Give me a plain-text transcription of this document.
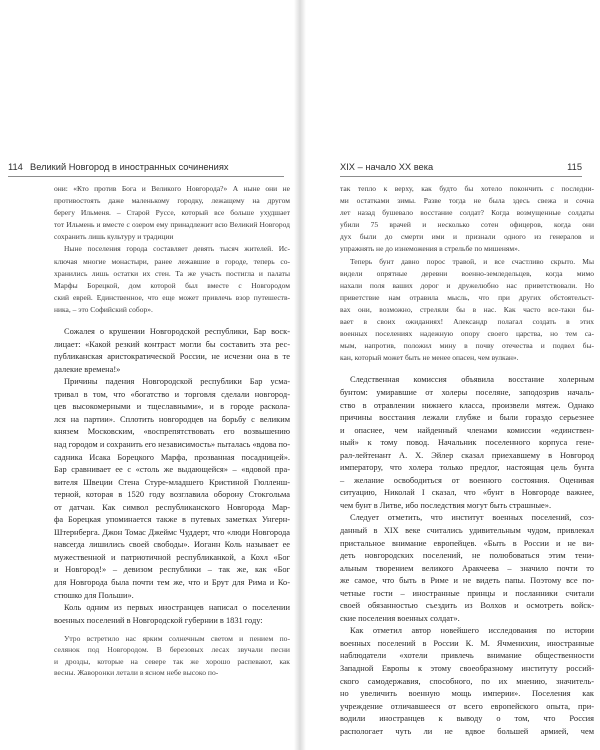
114 Великий Новгород в иностранных сочинениях

они: «Кто против Бога и Великого Новгорода?» А ныне они не

противостоять даже маленькому городку, лежащему на другом

берегу Ильменя. – Старой Руссе, который все больше ухудшает

тот Ильмень и вместе с озером ему принадлежит всю Великий Новгород

сохранить лишь культуру и традиции

Ныне поселения города составляет девять тысяч жителей. Ис-

ключая многие монастыри, ранее лежавшие в городе, теперь со-

хранились лишь остатки их стен. Та же участь постигла и палаты

Марфы Борецкой, дом которой был вместе с Новгородом

ский еврей. Единственное, что еще может привлечь взор путешеств-

ника, – это Софийский собор».

Сожалея о крушении Новгородской республики, Бар воск-

лицает: «Какой резкий контраст могли бы составить эта рес-

публиканская аристократической России, не исчезни она в те

далекие времена!»

Причины падения Новгородской республики Бар усма-

тривал в том, что «богатство и торговля сделали новгород-

цев высокомерными и тщеславными», и в городе раскола-

лся на партии». Сплотить новгородцев на борьбу с великим

князем Московским, «воспрепятствовать его возвышению

над городом и сохранить его независимость» пыталась «вдова по-

садника Исака Борецкого Марфа, прозванная посадницей».

Бар сравнивает ее с «столь же выдающейся» – «вдовой пра-

вителя Швеции Стена Стуре-младшего Кристиной Гюлленш-

терной, которая в 1520 году возглавила оборону Стокгольма

от датчан. Как символ республиканского Новгорода Мар-

фа Борецкая упоминается также в путевых заметках Унгерн-

Штернберга. Джон Томас Джеймс Чуддерт, что «люди Новгорода

навсегда лишились своей свободы». Иоганн Коль называет ее

мужественной и патриотичной республиканкой, а Кохл «Бог

и Новгород!» – девизом республики – так же, как «Бог

для Новгорода была почти тем же, что и Брут для Рима и Ко-

стюшко для Польши».

Коль одним из первых иностранцев написал о поселении

военных поселений в Новгородской губернии в 1831 году:

Утро встретило нас ярким солнечным светом и пением по-

селянок под Новгородом. В березовых лесах звучали песни

и дрозды, которые на севере так же хорошо распевают, как

весны. Жаворонки летали в ясном небе высоко по-

XIX – начало XX века	115

так тепло к верху, как будто бы хотело покончить с последни-

ми остатками зимы. Разве тогда не была здесь свежа и сочна

лет назад бушевало восстание солдат? Когда возмущенные солдаты

убили 75 врачей и несколько сотен офицеров, когда они

дух были до смерти ими и признали одного из генералов и

упражнять не до изнеможения в стрельбе по мишеням».

Теперь бунт давно порос травой, и все счастливо скрыто. Мы

видели опрятные деревни военно-земледельцев, когда мимо

нахали поля ваших дорог и дружелюбно нас приветствовали. Но

приветствие нам отравила мысль, что при других обстоятельст-

вах они, возможно, стреляли бы в нас. Как часто все-таки бы-

вает в своих ожиданиях! Александр полагал создать в этих

военных поселениях надежную опору своего царства, но тем са-

мым, напротив, положил мину в почву отечества и подвел бы-

кан, который может быть не менее опасен, чем вулкан».

Следственная комиссия объявила восстание холерным

бунтом: умиравшие от холеры поселяне, заподозрив началь-

ство в отравлении нижнего класса, произвели мятеж. Однако

причины восстания лежали глубже и были гораздо серьезнее

и опаснее, чем найденный членами комиссии «единствен-

ный» к тому повод. Начальник поселенного корпуса гене-

рал-лейтенант А. Х. Эйлер сказал приехавшему в Новгород

императору, что холера только предлог, настоящая цель бунта

– желание освободиться от военного состояния. Оценивая

ситуацию, Николай I сказал, что «бунт в Новгороде важнее,

чем бунт в Литве, ибо последствия могут быть страшные».

Следует отметить, что институт военных поселений, соз-

данный в XIX веке считались удивительным чудом, привлекал

пристальное внимание европейцев. «Быть в России и не ви-

деть новгородских поселений, не полюбоваться этим тени-

альным творением великого Аракчеева – значило почти то

же самое, что быть в Риме и не видеть папы. Поэтому все по-

четные гости – иностранные принцы и посланники считали

своей обязанностью съездить из Волхов и осмотреть войск-

ские поселения военных солдат».

Как отметил автор новейшего исследования по истории

военных поселений в России К. М. Ячменихин, иностранные

наблюдатели «хотели привлечь внимание общественности

Западной Европы к этому своеобразному институту россий-

ского самодержавия, способного, по их мнению, значитель-

но увеличить военную мощь империи». Поселения как

учреждение отличавшееся от всего европейского опыта, при-

водили иностранцев к выводу о том, что Россия

распологает чуть ли не вдвое большей армией, чем
